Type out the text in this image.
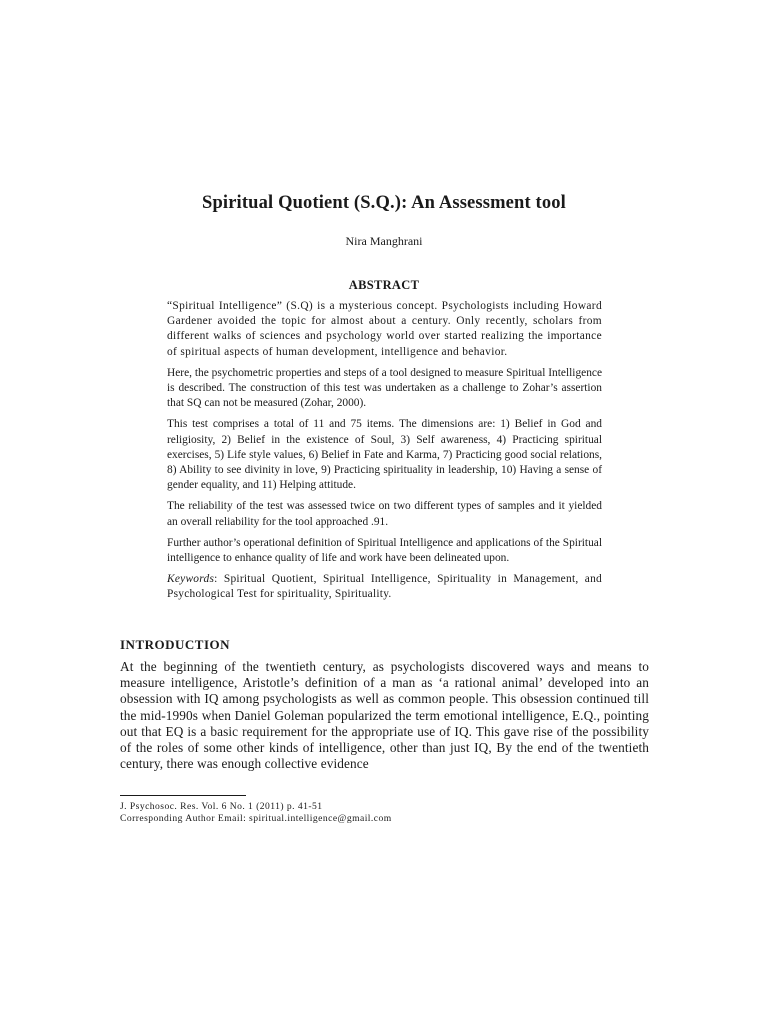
Spiritual Quotient (S.Q.): An Assessment tool

Nira Manghrani

ABSTRACT

“Spiritual Intelligence” (S.Q) is a mysterious concept. Psychologists including Howard Gardener avoided the topic for almost about a century. Only recently, scholars from different walks of sciences and psychology world over started realizing the importance of spiritual aspects of human development, intelligence and behavior.

Here, the psychometric properties and steps of a tool designed to measure Spiritual Intelligence is described. The construction of this test was undertaken as a challenge to Zohar’s assertion that SQ can not be measured (Zohar, 2000).

This test comprises a total of 11 and 75 items. The dimensions are: 1) Belief in God and religiosity, 2) Belief in the existence of Soul, 3) Self awareness, 4) Practicing spiritual exercises, 5) Life style values, 6) Belief in Fate and Karma, 7) Practicing good social relations, 8) Ability to see divinity in love, 9) Practicing spirituality in leadership, 10) Having a sense of gender equality, and 11) Helping attitude.

The reliability of the test was assessed twice on two different types of samples and it yielded an overall reliability for the tool approached .91.

Further author’s operational definition of Spiritual Intelligence and applications of the Spiritual intelligence to enhance quality of life and work have been delineated upon.

Keywords: Spiritual Quotient, Spiritual Intelligence, Spirituality in Management, and Psychological Test for spirituality, Spirituality.

INTRODUCTION

At the beginning of the twentieth century, as psychologists discovered ways and means to measure intelligence, Aristotle’s definition of a man as ‘a rational animal’ developed into an obsession with IQ among psychologists as well as common people. This obsession continued till the mid-1990s when Daniel Goleman popularized the term emotional intelligence, E.Q., pointing out that EQ is a basic requirement for the appropriate use of IQ. This gave rise of the possibility of the roles of some other kinds of intelligence, other than just IQ, By the end of the twentieth century, there was enough collective evidence

J. Psychosoc. Res. Vol. 6 No. 1 (2011) p. 41-51
Corresponding Author Email: spiritual.intelligence@gmail.com
